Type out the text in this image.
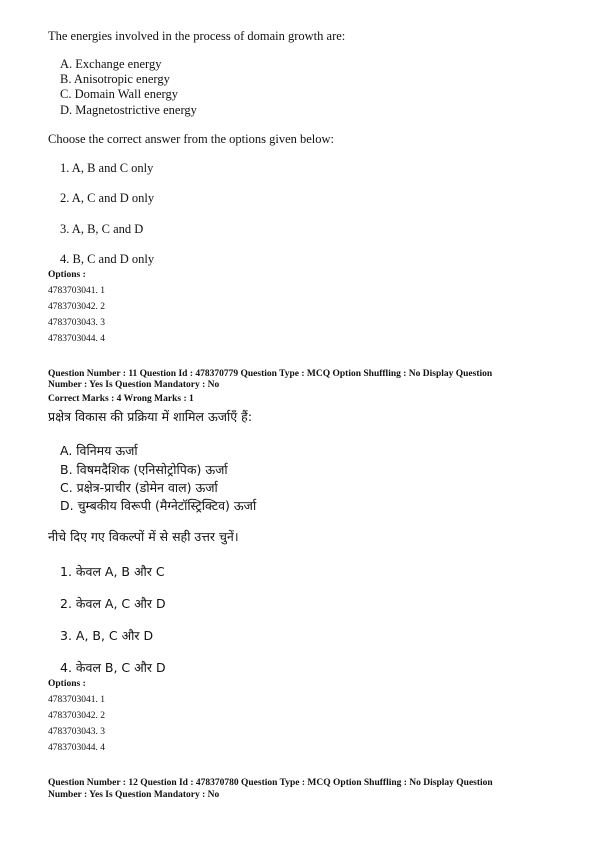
The energies involved in the process of domain growth are:
A. Exchange energy
B. Anisotropic energy
C. Domain Wall energy
D. Magnetostrictive energy
Choose the correct answer from the options given below:
1. A, B and C only
2. A, C and D only
3. A, B, C and D
4. B, C and D only
Options :
4783703041. 1
4783703042. 2
4783703043. 3
4783703044. 4
Question Number : 11 Question Id : 478370779 Question Type : MCQ Option Shuffling : No Display Question
Number : Yes Is Question Mandatory : No
Correct Marks : 4 Wrong Marks : 1
प्रक्षेत्र विकास की प्रक्रिया में शामिल ऊर्जाएँ हैं:
A. विनिमय ऊर्जा
B. विषमदैशिक (एनिसोट्रोपिक) ऊर्जा
C. प्रक्षेत्र-प्राचीर (डोमेन वाल) ऊर्जा
D. चुम्बकीय विरूपी (मैग्नेटॉस्ट्रिक्टिव) ऊर्जा
नीचे दिए गए विकल्पों में से सही उत्तर चुनें।
1. केवल A, B और C
2. केवल A, C और D
3. A, B, C और D
4. केवल B, C और D
Options :
4783703041. 1
4783703042. 2
4783703043. 3
4783703044. 4
Question Number : 12 Question Id : 478370780 Question Type : MCQ Option Shuffling : No Display Question
Number : Yes Is Question Mandatory : No
